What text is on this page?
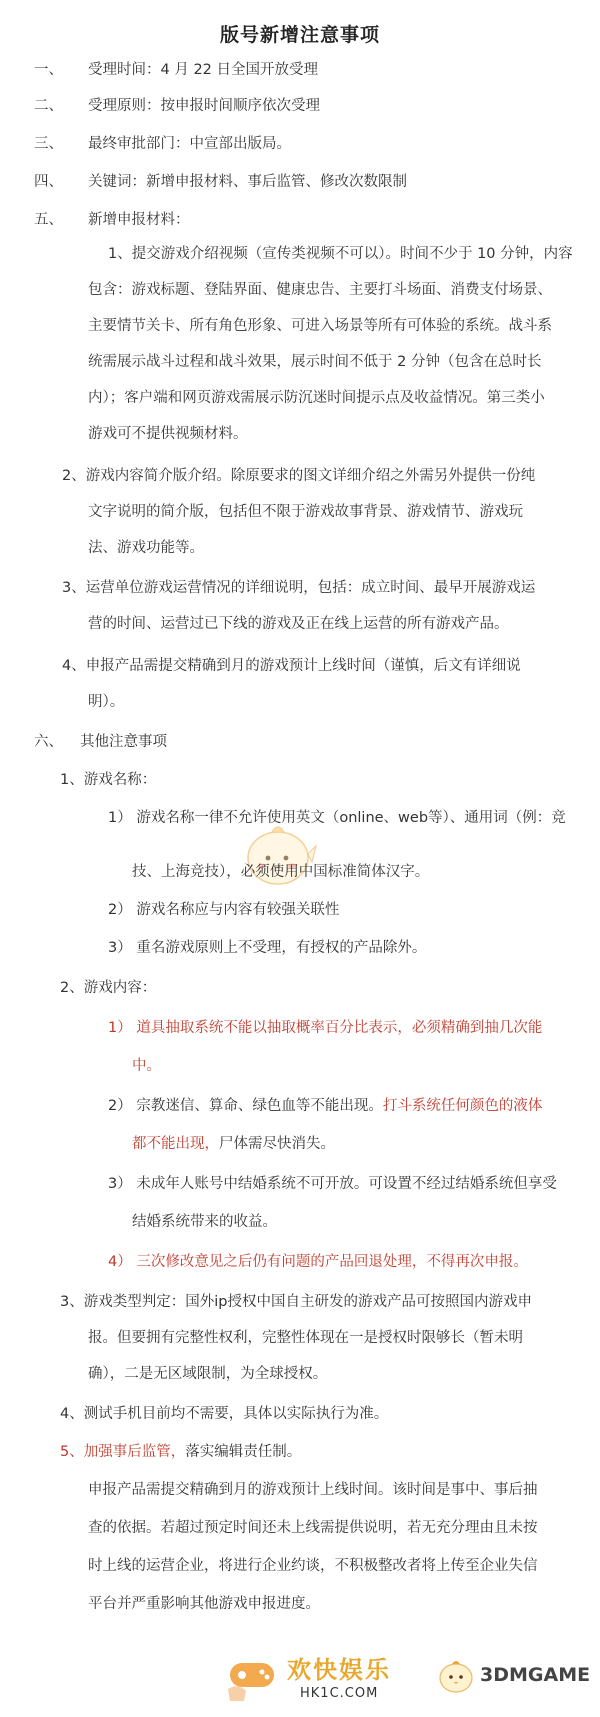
版号新增注意事项
一、 受理时间：4 月 22 日全国开放受理
二、 受理原则：按申报时间顺序依次受理
三、 最终审批部门：中宣部出版局。
四、 关键词：新增申报材料、事后监管、修改次数限制
五、 新增申报材料：
1、提交游戏介绍视频（宣传类视频不可以）。时间不少于 10 分钟，内容
包含：游戏标题、登陆界面、健康忠告、主要打斗场面、消费支付场景、
主要情节关卡、所有角色形象、可进入场景等所有可体验的系统。战斗系
统需展示战斗过程和战斗效果，展示时间不低于 2 分钟（包含在总时长
内）；客户端和网页游戏需展示防沉迷时间提示点及收益情况。第三类小
游戏可不提供视频材料。
2、游戏内容简介版介绍。除原要求的图文详细介绍之外需另外提供一份纯
文字说明的简介版，包括但不限于游戏故事背景、游戏情节、游戏玩
法、游戏功能等。
3、运营单位游戏运营情况的详细说明，包括：成立时间、最早开展游戏运
营的时间、运营过已下线的游戏及正在线上运营的所有游戏产品。
4、申报产品需提交精确到月的游戏预计上线时间（谨慎，后文有详细说
明）。
六、 其他注意事项
1、游戏名称：
1） 游戏名称一律不允许使用英文（online、web等）、通用词（例：竞
技、上海竞技），必须使用中国标准简体汉字。
2） 游戏名称应与内容有较强关联性
3） 重名游戏原则上不受理，有授权的产品除外。
2、游戏内容：
1） 道具抽取系统不能以抽取概率百分比表示，必须精确到抽几次能
中。
2） 宗教迷信、算命、绿色血等不能出现。打斗系统任何颜色的液体
都不能出现，尸体需尽快消失。
3） 未成年人账号中结婚系统不可开放。可设置不经过结婚系统但享受
结婚系统带来的收益。
4） 三次修改意见之后仍有问题的产品回退处理，不得再次申报。
3、游戏类型判定：国外ip授权中国自主研发的游戏产品可按照国内游戏申
报。但要拥有完整性权利，完整性体现在一是授权时限够长（暂未明
确），二是无区域限制，为全球授权。
4、测试手机目前均不需要，具体以实际执行为准。
5、加强事后监管，落实编辑责任制。
申报产品需提交精确到月的游戏预计上线时间。该时间是事中、事后抽
查的依据。若超过预定时间还未上线需提供说明，若无充分理由且未按
时上线的运营企业，将进行企业约谈，不积极整改者将上传至企业失信
平台并严重影响其他游戏申报进度。
欢快娱乐
HK1C.COM
3DMGAME
